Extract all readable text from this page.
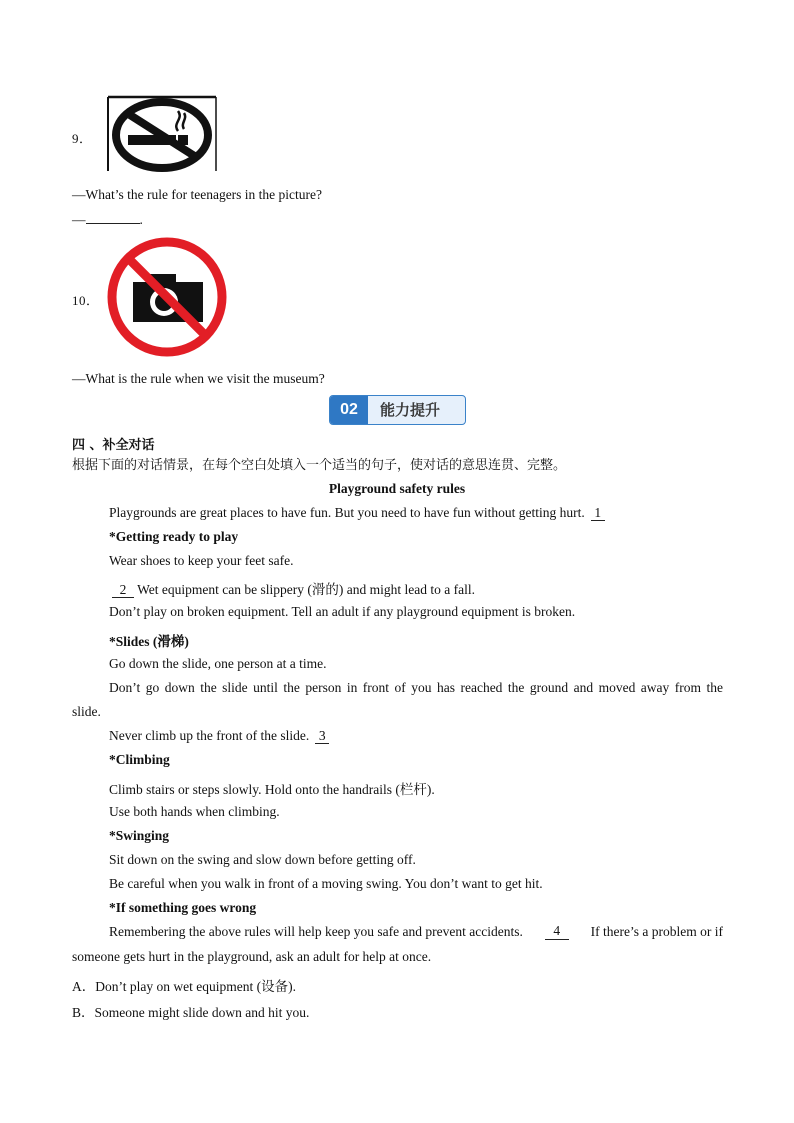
9．
—What’s the rule for teenagers in the picture?
—	.
10．
—What is the rule when we visit the museum?
02	能力提升
四 、补全对话
根据下面的对话情景，在每个空白处填入一个适当的句子，使对话的意思连贯、完整。
Playground safety rules
Playgrounds are great places to have fun. But you need to have fun without getting hurt. 1
*Getting ready to play
Wear shoes to keep your feet safe.
2 Wet equipment can be slippery (滑的) and might lead to a fall.
Don’t play on broken equipment. Tell an adult if any playground equipment is broken.
*Slides (滑梯)
Go down the slide, one person at a time.
Don’t go down the slide until the person in front of you has reached the ground and moved away from the
slide.
Never climb up the front of the slide. 3
*Climbing
Climb stairs or steps slowly. Hold onto the handrails (栏杆).
Use both hands when climbing.
*Swinging
Sit down on the swing and slow down before getting off.
Be careful when you walk in front of a moving swing. You don’t want to get hit.
*If something goes wrong
Remembering the above rules will help keep you safe and prevent accidents.	4	If there’s a problem or if
someone gets hurt in the playground, ask an adult for help at once.
A．Don’t play on wet equipment (设备).
B．Someone might slide down and hit you.
